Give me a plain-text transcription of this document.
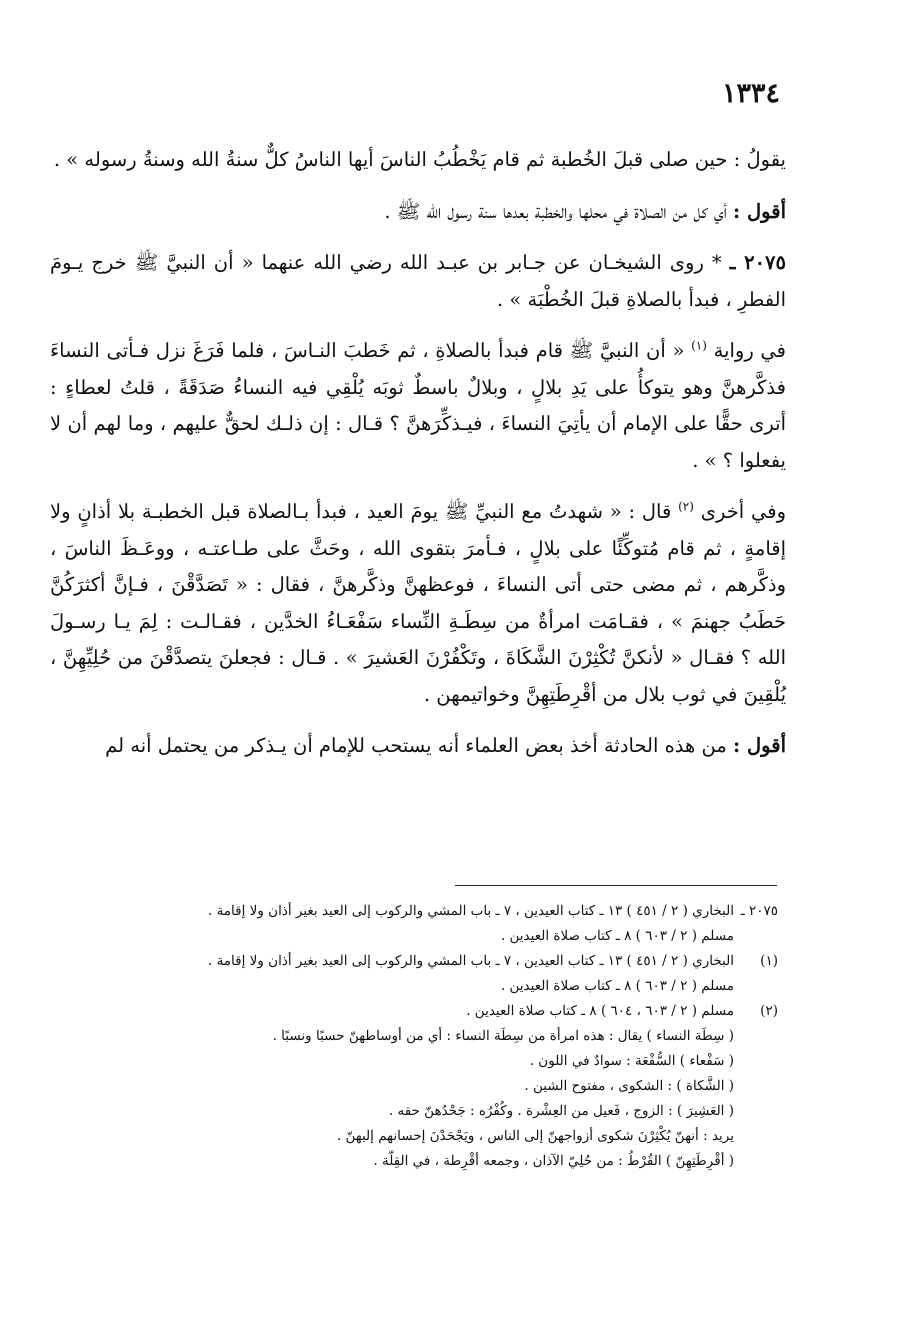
١٣٣٤

يقولُ : حين صلى قبلَ الخُطبة ثم قام يَخْطُبُ الناسَ أيها الناسُ كلٌّ سنةُ الله وسنةُ رسوله » .

أقول : أي كل من الصلاة في محلها والخطبة بعدها سنة رسول الله ﷺ .

٢٠٧٥ ـ * روى الشيخـان عن جـابر بن عبـد الله رضي الله عنهما « أن النبيَّ ﷺ خرج يـومَ الفطرِ ، فبدأ بالصلاةِ قبلَ الخُطْبَة » .

في رواية $^{(١)}$ « أن النبيَّ ﷺ قام فبدأ بالصلاةِ ، ثم خَطبَ النـاسَ ، فلما فَرَغَ نزل فـأتى النساءَ فذكَّرهنَّ وهو يتوكأُ على يَدِ بلالٍ ، وبلالٌ باسطٌ ثوبَه يُلْقِي فيه النساءُ صَدَقَةً ، قلتُ لعطاءٍ : أترى حقًّا على الإمام أن يأتِيَ النساءَ ، فيـذكِّرَهنَّ ؟ قـال : إن ذلـك لحقٌّ عليهم ، وما لهم أن لا يفعلوا ؟ » .

وفي أخرى $^{(٢)}$ قال : « شهدتُ مع النبيِّ ﷺ يومَ العيد ، فبدأ بـالصلاة قبل الخطبـة بلا أذانٍ ولا إقامةٍ ، ثم قام مُتوكِّئًا على بلالٍ ، فـأمرَ بتقوى الله ، وحَثَّ على طـاعتـه ، ووعَـظَ الناسَ ، وذكَّرهم ، ثم مضى حتى أتى النساءَ ، فوعظهنَّ وذكَّرهنَّ ، فقال : « تَصَدَّقْنَ ، فـإنَّ أكثرَكُنَّ حَطَبُ جهنمَ » ، فقـامَت امرأةٌ من سِطَـةِ النِّساء سَفْعَـاءُ الخدَّين ، فقـالـت : لِمَ يـا رسـولَ الله ؟ فقـال « لأنكنَّ تُكْثِرْنَ الشَّكَاةَ ، وتَكْفُرْنَ العَشيرَ » . قـال : فجعلنَ يتصدَّقْنَ من حُلِيِّهِنَّ ، يُلْقِينَ في ثوب بلال من أقْرِطَتِهِنَّ وخواتيمهن .

أقول : من هذه الحادثة أخذ بعض العلماء أنه يستحب للإمام أن يـذكر من يحتمل أنه لم

٢٠٧٥ ـالبخاري ( ٢ / ٤٥١ ) ١٣ ـ كتاب العيدين ، ٧ ـ باب المشي والركوب إلى العيد بغير أذان ولا إقامة .

مسلم ( ٢ / ٦٠٣ ) ٨ ـ كتاب صلاة العيدين .

(١)البخاري ( ٢ / ٤٥١ ) ١٣ ـ كتاب العيدين ، ٧ ـ باب المشي والركوب إلى العيد بغير أذان ولا إقامة .

مسلم ( ٢ / ٦٠٣ ) ٨ ـ كتاب صلاة العيدين .

(٢)مسلم ( ٢ / ٦٠٣ ، ٦٠٤ ) ٨ ـ كتاب صلاة العيدين .

( سِطَة النساء ) يقال : هذه امرأة من سِطَة النساء : أي من أوساطهنّ حسبًا ونسبًا .

( سَفْعاء ) السُّفْعَة : سوادٌ في اللون .

( الشَّكاة ) : الشكوى ، مفتوح الشين .

( العَشِيرَ ) : الزوج ، فَعيل من العِشْرة . وكُفْرُه : جَحْدُهنّ حقه .

يريد : أنهنّ يُكْثِرْنَ شكوى أزواجهنّ إلى الناس ، ويَجْحَدْنَ إحسانهم إليهنّ .

( أقْرِطَتِهِنّ ) القُرْطُ : من حُلِيّ الآذان ، وجمعه أقْرِطة ، في القِلّة .
